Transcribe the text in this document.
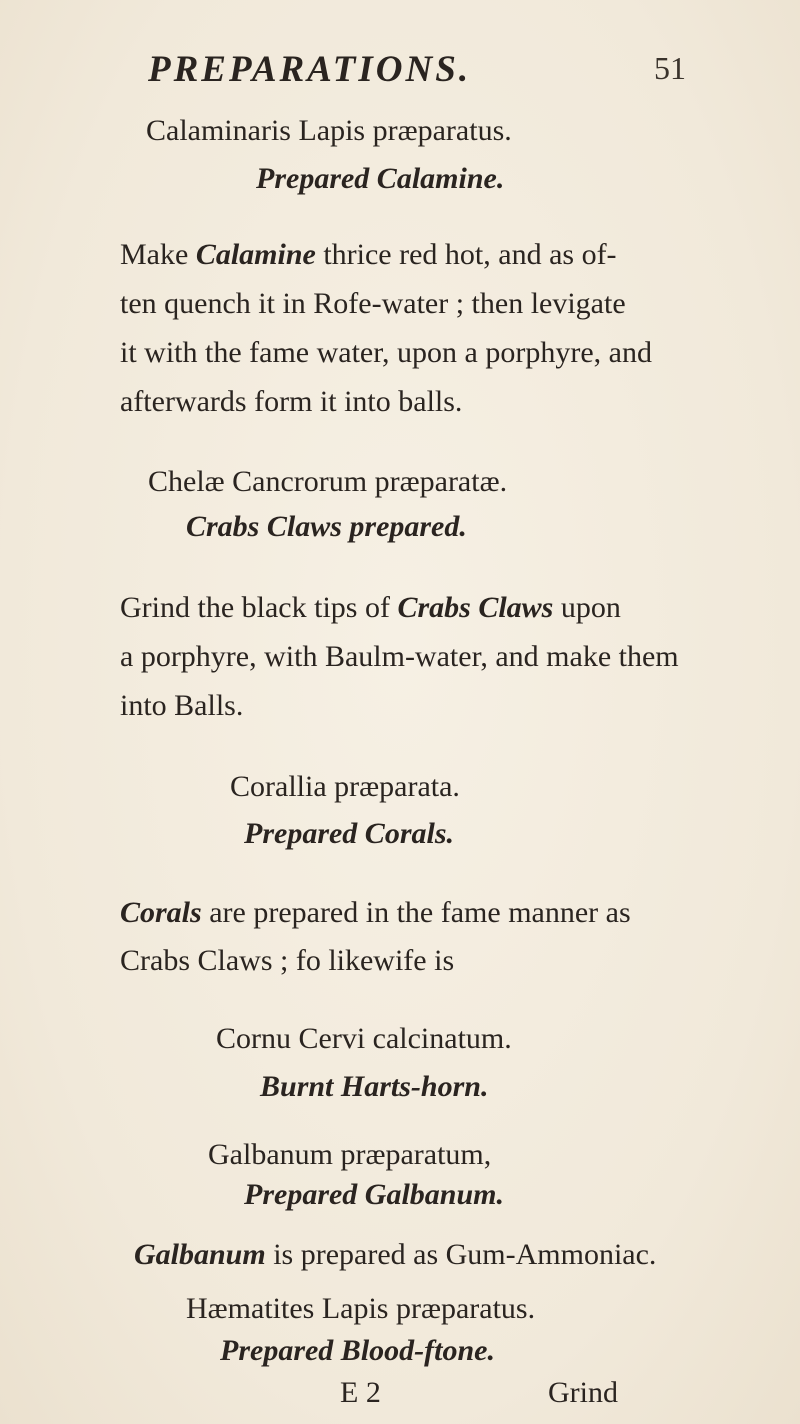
PREPARATIONS.	51
Calaminaris Lapis præparatus.
Prepared Calamine.
Make Calamine thrice red hot, and as of-
ten quench it in Rofe-water ; then levigate
it with the fame water, upon a porphyre, and
afterwards form it into balls.
Chelæ Cancrorum præparatæ.
Crabs Claws prepared.
Grind the black tips of Crabs Claws upon
a porphyre, with Baulm-water, and make them
into Balls.
Corallia præparata.
Prepared Corals.
Corals are prepared in the fame manner as
Crabs Claws ; fo likewife is
Cornu Cervi calcinatum.
Burnt Harts-horn.
Galbanum præparatum,
Prepared Galbanum.
Galbanum is prepared as Gum-Ammoniac.
Hæmatites Lapis præparatus.
Prepared Blood-ftone.
E 2	Grind
